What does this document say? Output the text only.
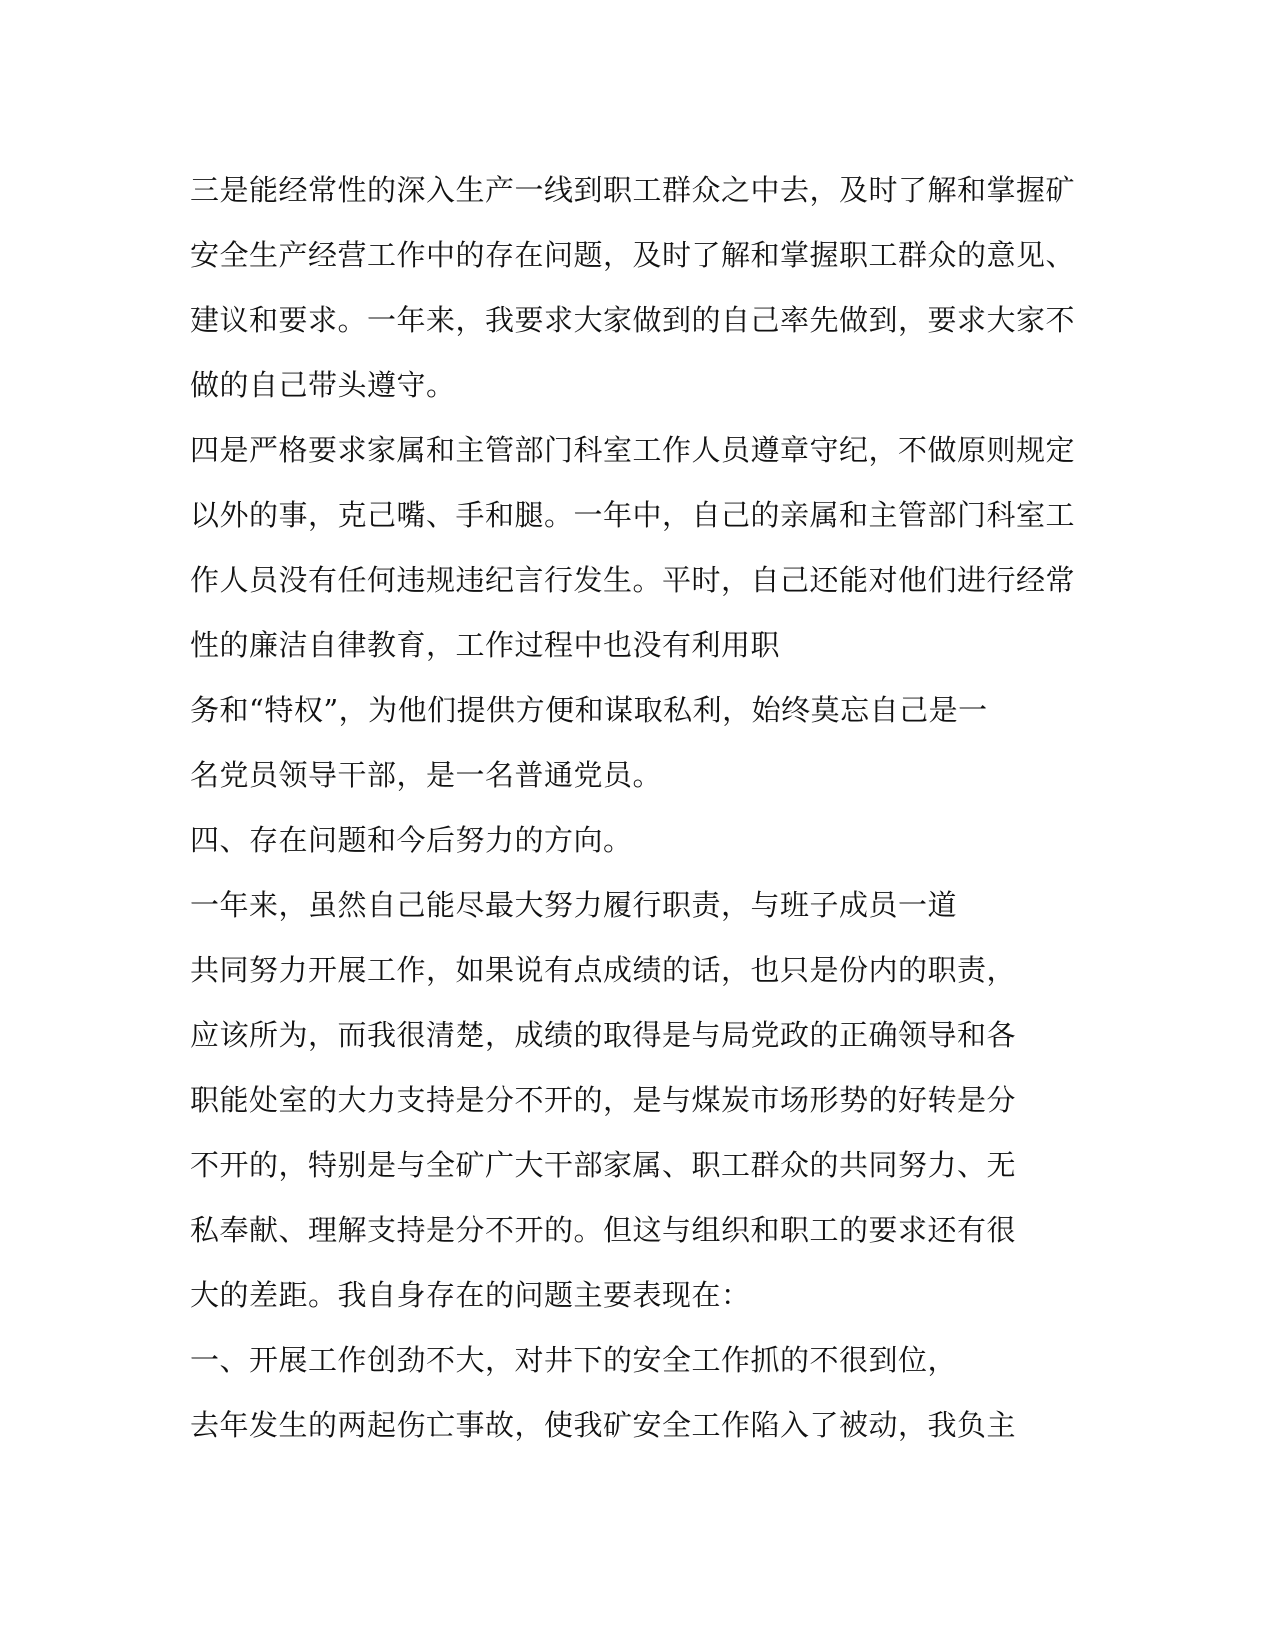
三是能经常性的深入生产一线到职工群众之中去，及时了解和掌握矿
安全生产经营工作中的存在问题，及时了解和掌握职工群众的意见、
建议和要求。一年来，我要求大家做到的自己率先做到，要求大家不
做的自己带头遵守。
四是严格要求家属和主管部门科室工作人员遵章守纪，不做原则规定
以外的事，克己嘴、手和腿。一年中，自己的亲属和主管部门科室工
作人员没有任何违规违纪言行发生。平时，自己还能对他们进行经常
性的廉洁自律教育，工作过程中也没有利用职
务和“特权”，为他们提供方便和谋取私利，始终莫忘自己是一
名党员领导干部，是一名普通党员。
四、存在问题和今后努力的方向。
一年来，虽然自己能尽最大努力履行职责，与班子成员一道
共同努力开展工作，如果说有点成绩的话，也只是份内的职责，
应该所为，而我很清楚，成绩的取得是与局党政的正确领导和各
职能处室的大力支持是分不开的，是与煤炭市场形势的好转是分
不开的，特别是与全矿广大干部家属、职工群众的共同努力、无
私奉献、理解支持是分不开的。但这与组织和职工的要求还有很
大的差距。我自身存在的问题主要表现在：
一、开展工作创劲不大，对井下的安全工作抓的不很到位，
去年发生的两起伤亡事故，使我矿安全工作陷入了被动，我负主
